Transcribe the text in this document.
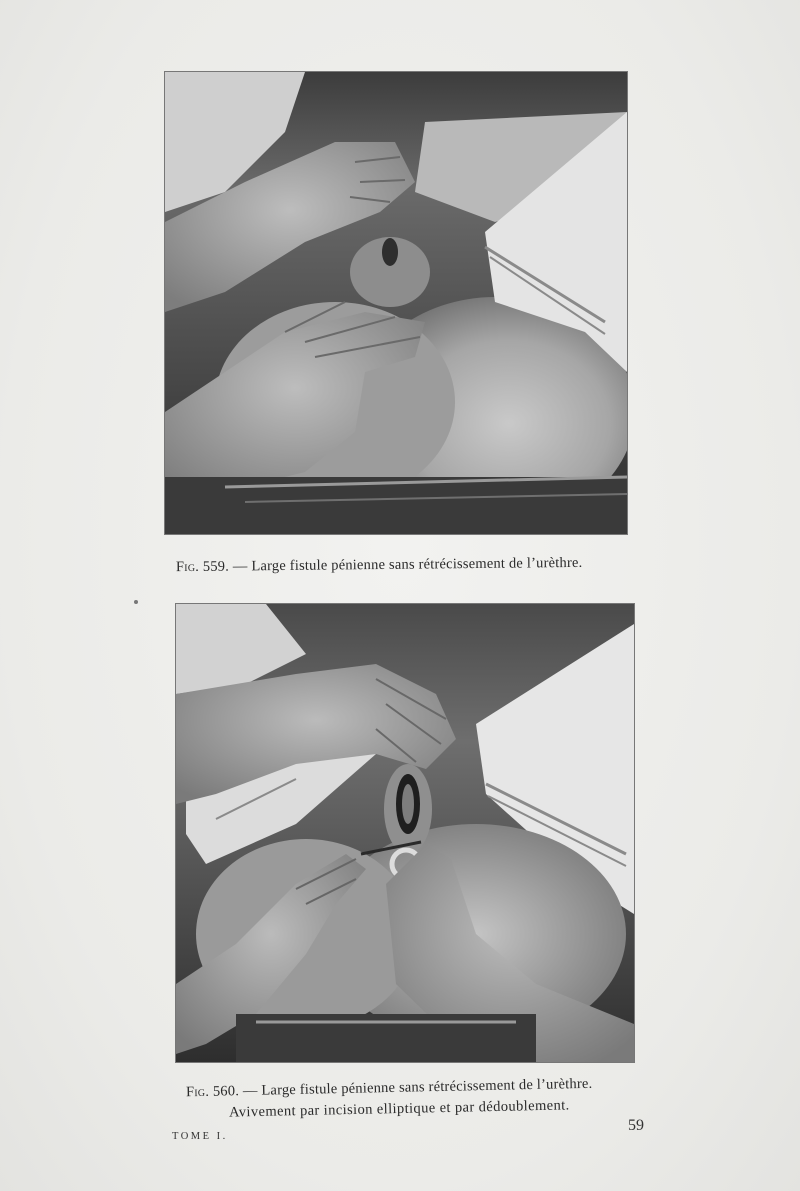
Fig. 559. — Large fistule pénienne sans rétrécissement de l’urèthre.
Fig. 560. — Large fistule pénienne sans rétrécissement de l’urèthre.
Avivement par incision elliptique et par dédoublement.
TOME I.
59
